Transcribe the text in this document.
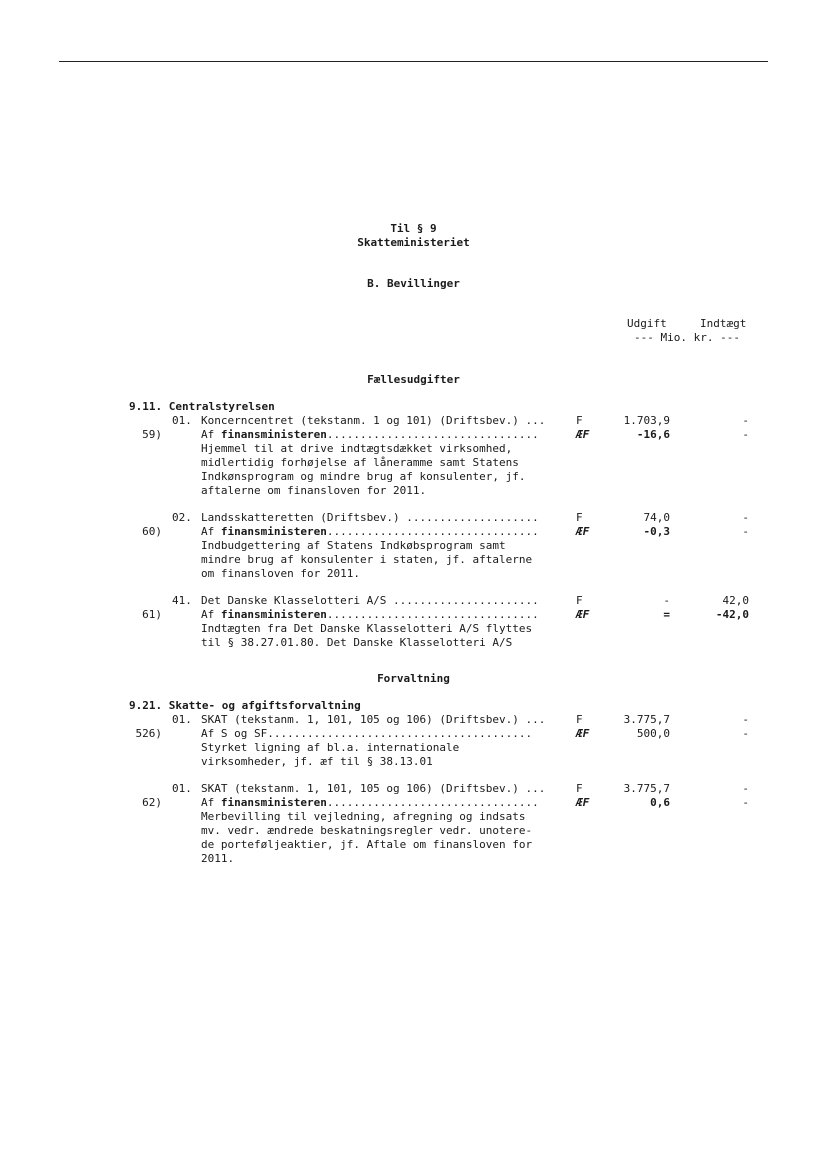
Til § 9
Skatteministeriet
B. Bevillinger
Udgift	Indtægt
--- Mio. kr. ---
Fællesudgifter
9.11. Centralstyrelsen
01. Koncerncentret (tekstanm. 1 og 101) (Driftsbev.) ...	F	1.703,9	-
59)	Af finansministeren................................	ÆF	-16,6	-
Hjemmel til at drive indtægtsdækket virksomhed,
midlertidig forhøjelse af låneramme samt Statens
Indkønsprogram og mindre brug af konsulenter, jf.
aftalerne om finansloven for 2011.
02. Landsskatteretten (Driftsbev.) ....................	F	74,0	-
60)	Af finansministeren................................	ÆF	-0,3	-
Indbudgettering af Statens Indkøbsprogram samt
mindre brug af konsulenter i staten, jf. aftalerne
om finansloven for 2011.
41. Det Danske Klasselotteri A/S ......................	F	-	42,0
61)	Af finansministeren................................	ÆF	=	-42,0
Indtægten fra Det Danske Klasselotteri A/S flyttes
til § 38.27.01.80. Det Danske Klasselotteri A/S
Forvaltning
9.21. Skatte- og afgiftsforvaltning
01. SKAT (tekstanm. 1, 101, 105 og 106) (Driftsbev.) ...	F	3.775,7	-
526)	Af S og SF........................................	ÆF	500,0	-
Styrket ligning af bl.a. internationale
virksomheder, jf. æf til § 38.13.01
01. SKAT (tekstanm. 1, 101, 105 og 106) (Driftsbev.) ...	F	3.775,7	-
62)	Af finansministeren................................	ÆF	0,6	-
Merbevilling til vejledning, afregning og indsats
mv. vedr. ændrede beskatningsregler vedr. unotere-
de porteføljeaktier, jf. Aftale om finansloven for
2011.
